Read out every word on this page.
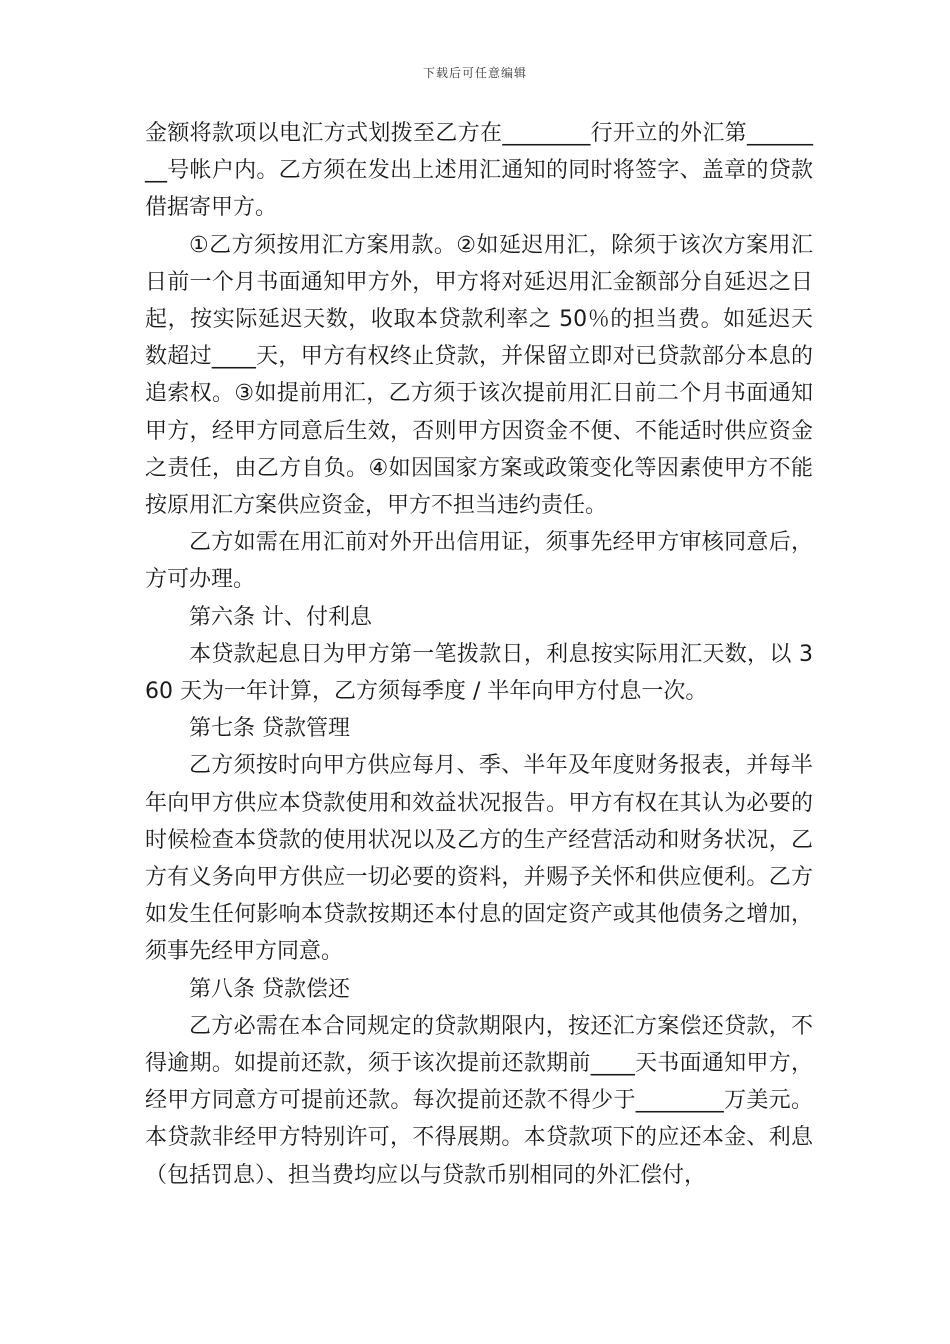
下载后可任意编辑

金额将款项以电汇方式划拨至乙方在________行开立的外汇第________号帐户内。乙方须在发出上述用汇通知的同时将签字、盖章的贷款借据寄甲方。

①乙方须按用汇方案用款。②如延迟用汇，除须于该次方案用汇日前一个月书面通知甲方外，甲方将对延迟用汇金额部分自延迟之日起，按实际延迟天数，收取本贷款利率之 50％的担当费。如延迟天数超过____天，甲方有权终止贷款，并保留立即对已贷款部分本息的追索权。③如提前用汇，乙方须于该次提前用汇日前二个月书面通知甲方，经甲方同意后生效，否则甲方因资金不便、不能适时供应资金之责任，由乙方自负。④如因国家方案或政策变化等因素使甲方不能按原用汇方案供应资金，甲方不担当违约责任。

乙方如需在用汇前对外开出信用证，须事先经甲方审核同意后，方可办理。

第六条 计、付利息

本贷款起息日为甲方第一笔拨款日，利息按实际用汇天数，以 360 天为一年计算，乙方须每季度 / 半年向甲方付息一次。

第七条 贷款管理

乙方须按时向甲方供应每月、季、半年及年度财务报表，并每半年向甲方供应本贷款使用和效益状况报告。甲方有权在其认为必要的时候检查本贷款的使用状况以及乙方的生产经营活动和财务状况，乙方有义务向甲方供应一切必要的资料，并赐予关怀和供应便利。乙方如发生任何影响本贷款按期还本付息的固定资产或其他债务之增加，须事先经甲方同意。

第八条 贷款偿还

乙方必需在本合同规定的贷款期限内，按还汇方案偿还贷款，不得逾期。如提前还款，须于该次提前还款期前____天书面通知甲方，经甲方同意方可提前还款。每次提前还款不得少于________万美元。本贷款非经甲方特别许可，不得展期。本贷款项下的应还本金、利息（包括罚息）、担当费均应以与贷款币别相同的外汇偿付，
